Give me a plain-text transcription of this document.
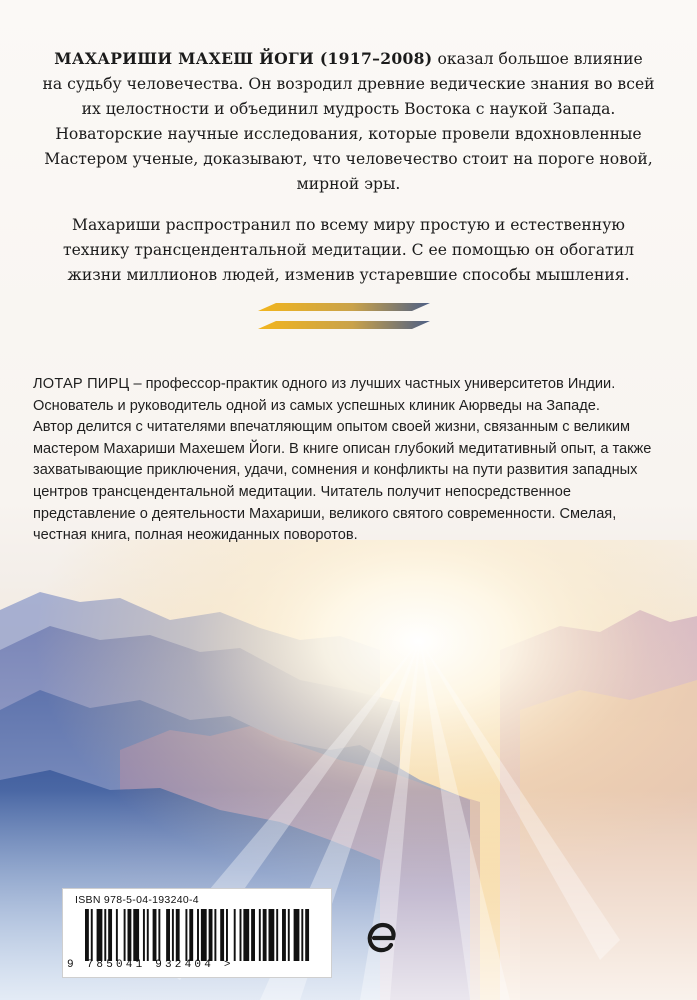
МАХАРИШИ МАХЕШ ЙОГИ (1917–2008) оказал большое влияние на судьбу человечества. Он возродил древние ведические знания во всей их целостности и объединил мудрость Востока с наукой Запада. Новаторские научные исследования, которые провели вдохновленные Мастером ученые, доказывают, что человечество стоит на пороге новой, мирной эры.

Махариши распространил по всему миру простую и естественную технику трансцендентальной медитации. С ее помощью он обогатил жизни миллионов людей, изменив устаревшие способы мышления.

ЛОТАР ПИРЦ – профессор-практик одного из лучших частных университетов Индии. Основатель и руководитель одной из самых успешных клиник Аюрведы на Западе.

Автор делится с читателями впечатляющим опытом своей жизни, связанным с великим мастером Махариши Махешем Йоги. В книге описан глубокий медитативный опыт, а также захватывающие приключения, удачи, сомнения и конфликты на пути развития западных центров трансцендентальной медитации. Читатель получит непосредственное представление о деятельности Махариши, великого святого современности. Смелая, честная книга, полная неожиданных поворотов.

ISBN 978-5-04-193240-4
9 785041 932404 >
